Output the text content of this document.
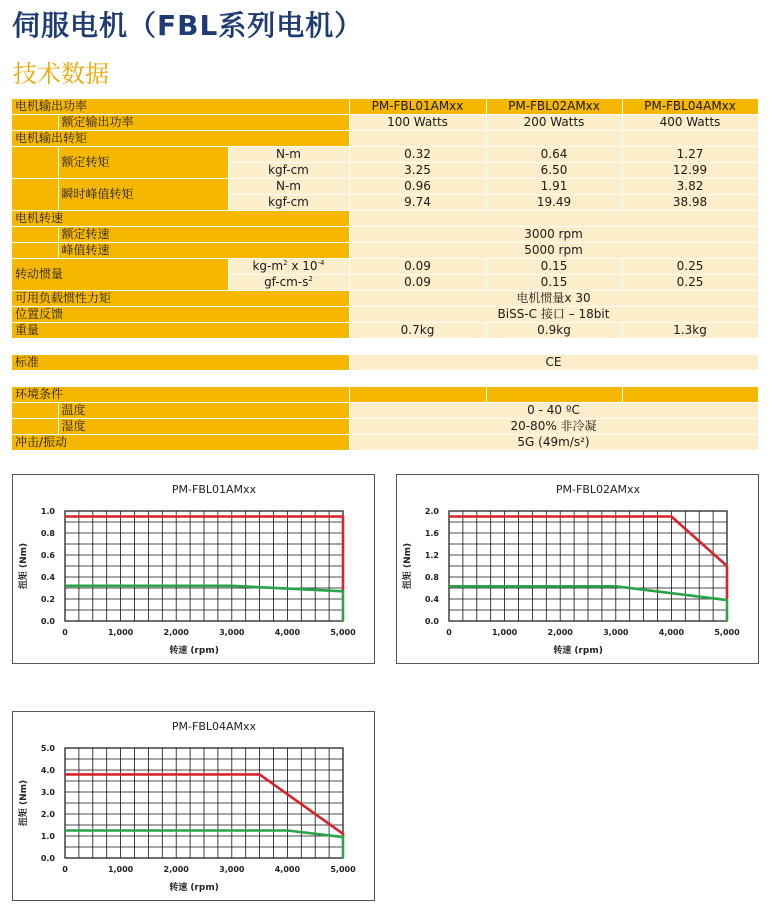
伺服电机（FBL系列电机）
技术数据
电机输出功率			PM-FBL01AMxx	PM-FBL02AMxx	PM-FBL04AMxx
	额定输出功率		100 Watts	200 Watts	400 Watts
电机输出转矩					
	额定转矩	N-m	0.32	0.64	1.27
		kgf-cm	3.25	6.50	12.99
	瞬时峰值转矩	N-m	0.96	1.91	3.82
		kgf-cm	9.74	19.49	38.98
电机转速					
	额定转速		3000 rpm		
	峰值转速		5000 rpm		
转动惯量		$kg-m^2$ x $10^{-4}$	0.09	0.15	0.25
		$gf-cm-s^2$	0.09	0.15	0.25
可用负载惯性力矩			电机惯量x 30		
位置反馈			BiSS-C 接口 – 18bit		
重量			0.7kg	0.9kg	1.3kg

标准			CE		

环境条件					
	温度		0 - 40 ºC		
	湿度		20-80% 非冷凝		
冲击/振动			5G (49m/s²)		
PM-FBL01AMxx
0.0
0.2
0.4
0.6
0.8
1.0
0	1,000	2,000	3,000	4,000	5,000
转速 (rpm)
扭矩 (Nm)
PM-FBL02AMxx
0.0
0.4
0.8
1.2
1.6
2.0
0	1,000	2,000	3,000	4,000	5,000
转速 (rpm)
扭矩 (Nm)
PM-FBL04AMxx
0.0
1.0
2.0
3.0
4.0
5.0
0	1,000	2,000	3,000	4,000	5,000
转速 (rpm)
扭矩 (Nm)
